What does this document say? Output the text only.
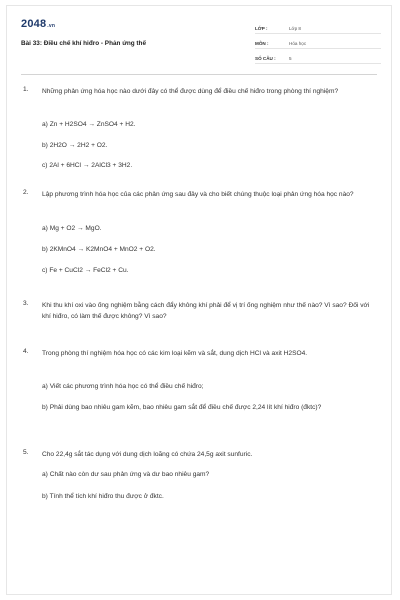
2048.vn
Bài 33: Điều chế khí hiđro - Phản ứng thế
LỚP :	Lớp 8
MÔN :	Hóa học
SỐ CÂU :	5
1. Những phản ứng hóa học nào dưới đây có thể được dùng để điều chế hiđro trong phòng thí nghiệm?
a) Zn + H2SO4 → ZnSO4 + H2.
b) 2H2O → 2H2 + O2.
c) 2Al + 6HCl → 2AlCl3 + 3H2.
2. Lập phương trình hóa học của các phản ứng sau đây và cho biết chúng thuộc loại phản ứng hóa học nào?
a) Mg + O2 → MgO.
b) 2KMnO4 → K2MnO4 + MnO2 + O2.
c) Fe + CuCl2 → FeCl2 + Cu.
3. Khi thu khí oxi vào ống nghiệm bằng cách đẩy không khí phải để vị trí ống nghiệm như thế nào? Vì sao? Đối với khí hiđro, có làm thế được không? Vì sao?
4. Trong phòng thí nghiệm hóa học có các kim loại kẽm và sắt, dung dịch HCl và axit H2SO4.
a) Viết các phương trình hóa học có thể điều chế hiđro;
b) Phải dùng bao nhiêu gam kẽm, bao nhiêu gam sắt để điều chế được 2,24 lít khí hiđro (đktc)?
5. Cho 22,4g sắt tác dụng với dung dịch loãng có chứa 24,5g axit sunfuric.
a) Chất nào còn dư sau phản ứng và dư bao nhiêu gam?
b) Tính thể tích khí hiđro thu được ở đktc.
